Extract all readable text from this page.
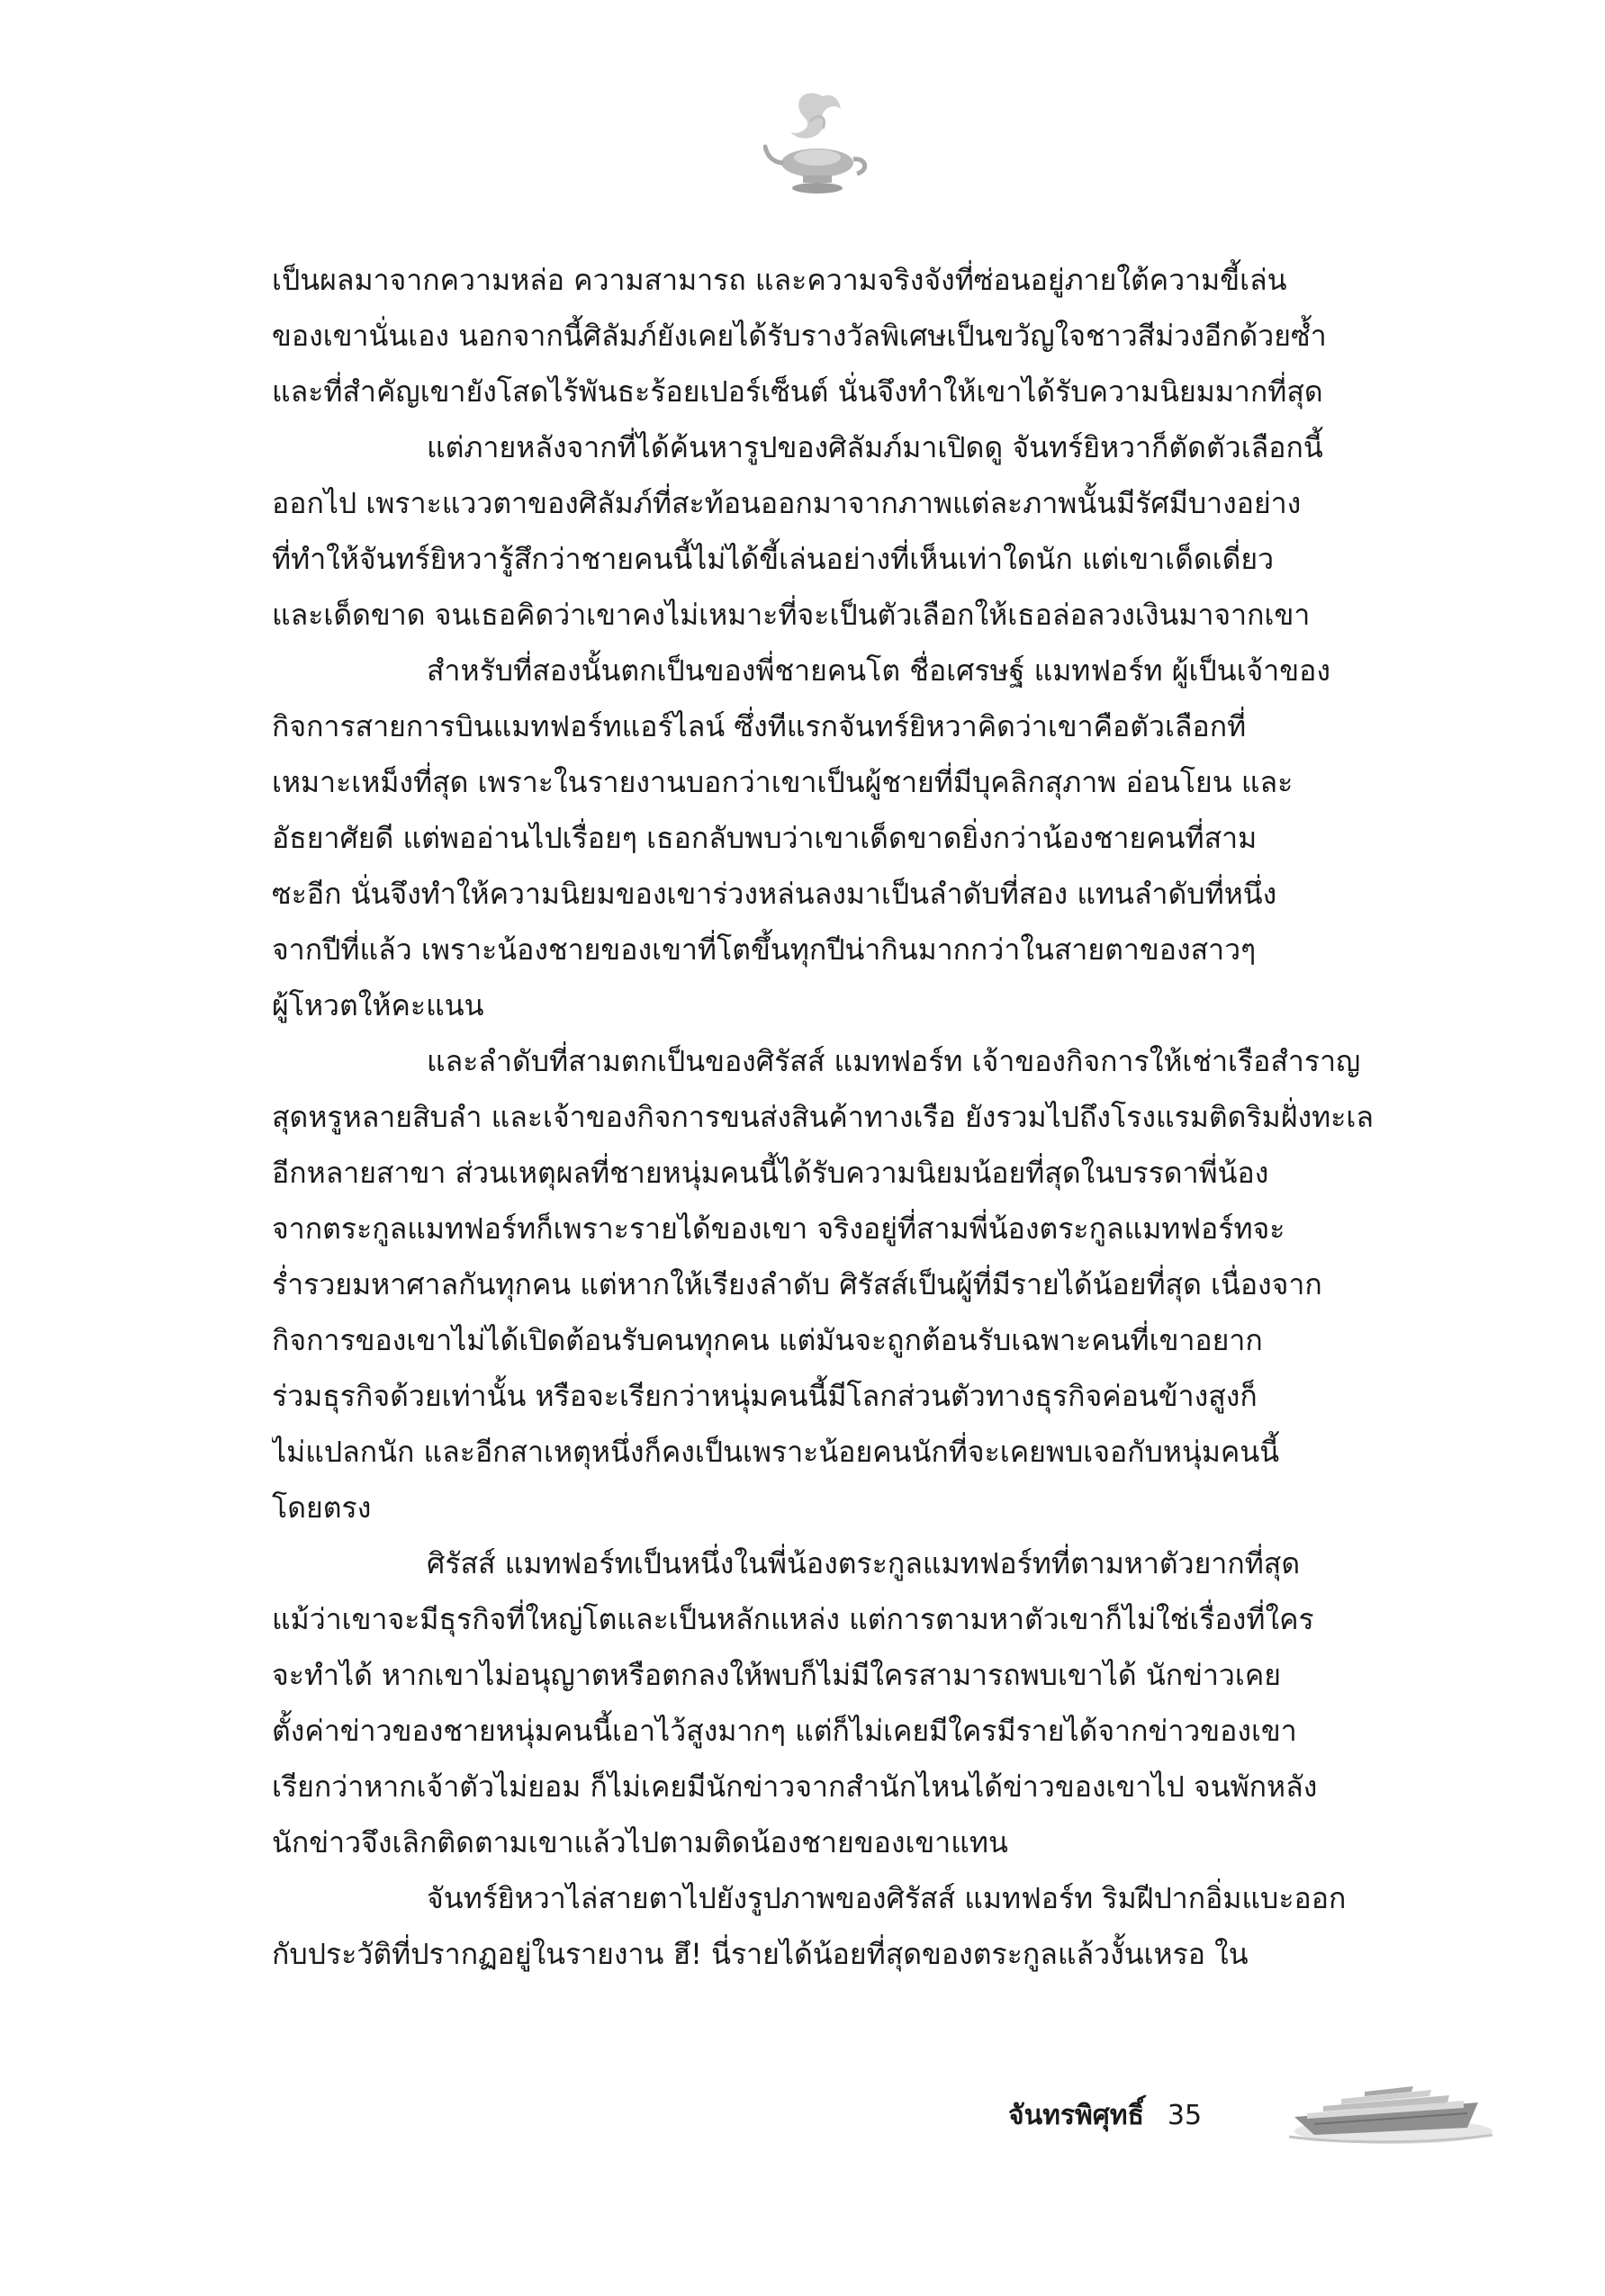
เป็นผลมาจากความหล่อ ความสามารถ และความจริงจังที่ซ่อนอยู่ภายใต้ความขี้เล่น
ของเขานั่นเอง นอกจากนี้ศิลัมภ์ยังเคยได้รับรางวัลพิเศษเป็นขวัญใจชาวสีม่วงอีกด้วยซ้ำ
และที่สำคัญเขายังโสดไร้พันธะร้อยเปอร์เซ็นต์ นั่นจึงทำให้เขาได้รับความนิยมมากที่สุด
แต่ภายหลังจากที่ได้ค้นหารูปของศิลัมภ์มาเปิดดู จันทร์ยิหวาก็ตัดตัวเลือกนี้
ออกไป เพราะแววตาของศิลัมภ์ที่สะท้อนออกมาจากภาพแต่ละภาพนั้นมีรัศมีบางอย่าง
ที่ทำให้จันทร์ยิหวารู้สึกว่าชายคนนี้ไม่ได้ขี้เล่นอย่างที่เห็นเท่าใดนัก แต่เขาเด็ดเดี่ยว
และเด็ดขาด จนเธอคิดว่าเขาคงไม่เหมาะที่จะเป็นตัวเลือกให้เธอล่อลวงเงินมาจากเขา
สำหรับที่สองนั้นตกเป็นของพี่ชายคนโต ชื่อเศรษฐ์ แมทฟอร์ท ผู้เป็นเจ้าของ
กิจการสายการบินแมทฟอร์ทแอร์ไลน์ ซึ่งทีแรกจันทร์ยิหวาคิดว่าเขาคือตัวเลือกที่
เหมาะเหม็งที่สุด เพราะในรายงานบอกว่าเขาเป็นผู้ชายที่มีบุคลิกสุภาพ อ่อนโยน และ
อัธยาศัยดี แต่พออ่านไปเรื่อยๆ เธอกลับพบว่าเขาเด็ดขาดยิ่งกว่าน้องชายคนที่สาม
ซะอีก นั่นจึงทำให้ความนิยมของเขาร่วงหล่นลงมาเป็นลำดับที่สอง แทนลำดับที่หนึ่ง
จากปีที่แล้ว เพราะน้องชายของเขาที่โตขึ้นทุกปีน่ากินมากกว่าในสายตาของสาวๆ
ผู้โหวตให้คะแนน
และลำดับที่สามตกเป็นของศิรัสส์ แมทฟอร์ท เจ้าของกิจการให้เช่าเรือสำราญ
สุดหรูหลายสิบลำ และเจ้าของกิจการขนส่งสินค้าทางเรือ ยังรวมไปถึงโรงแรมติดริมฝั่งทะเล
อีกหลายสาขา ส่วนเหตุผลที่ชายหนุ่มคนนี้ได้รับความนิยมน้อยที่สุดในบรรดาพี่น้อง
จากตระกูลแมทฟอร์ทก็เพราะรายได้ของเขา จริงอยู่ที่สามพี่น้องตระกูลแมทฟอร์ทจะ
ร่ำรวยมหาศาลกันทุกคน แต่หากให้เรียงลำดับ ศิรัสส์เป็นผู้ที่มีรายได้น้อยที่สุด เนื่องจาก
กิจการของเขาไม่ได้เปิดต้อนรับคนทุกคน แต่มันจะถูกต้อนรับเฉพาะคนที่เขาอยาก
ร่วมธุรกิจด้วยเท่านั้น หรือจะเรียกว่าหนุ่มคนนี้มีโลกส่วนตัวทางธุรกิจค่อนข้างสูงก็
ไม่แปลกนัก และอีกสาเหตุหนึ่งก็คงเป็นเพราะน้อยคนนักที่จะเคยพบเจอกับหนุ่มคนนี้
โดยตรง
ศิรัสส์ แมทฟอร์ทเป็นหนึ่งในพี่น้องตระกูลแมทฟอร์ทที่ตามหาตัวยากที่สุด
แม้ว่าเขาจะมีธุรกิจที่ใหญ่โตและเป็นหลักแหล่ง แต่การตามหาตัวเขาก็ไม่ใช่เรื่องที่ใคร
จะทำได้ หากเขาไม่อนุญาตหรือตกลงให้พบก็ไม่มีใครสามารถพบเขาได้ นักข่าวเคย
ตั้งค่าข่าวของชายหนุ่มคนนี้เอาไว้สูงมากๆ แต่ก็ไม่เคยมีใครมีรายได้จากข่าวของเขา
เรียกว่าหากเจ้าตัวไม่ยอม ก็ไม่เคยมีนักข่าวจากสำนักไหนได้ข่าวของเขาไป จนพักหลัง
นักข่าวจึงเลิกติดตามเขาแล้วไปตามติดน้องชายของเขาแทน
จันทร์ยิหวาไล่สายตาไปยังรูปภาพของศิรัสส์ แมทฟอร์ท ริมฝีปากอิ่มแบะออก
กับประวัติที่ปรากฏอยู่ในรายงาน ฮึ! นี่รายได้น้อยที่สุดของตระกูลแล้วงั้นเหรอ ใน
จันทรพิศุทธิ์ 35
